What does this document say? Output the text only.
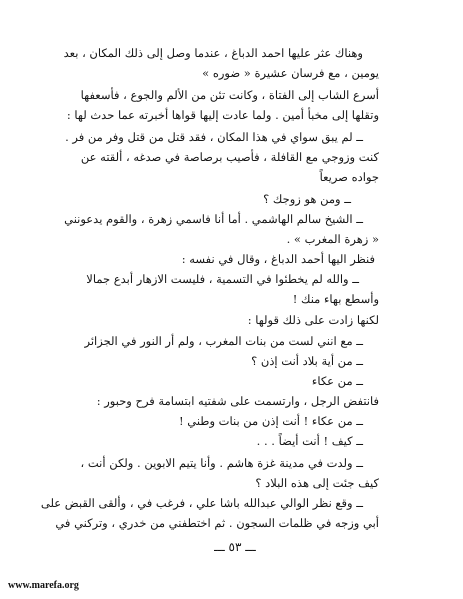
وهناك عثر عليها احمد الدباغ ، عندما وصل إلى ذلك المكان ، بعد
يومين ، مع فرسان عشيرة « ضوره »
أسرع الشاب إلى الفتاة ، وكانت تئن من الألم والجوع ، فأسعفها
وتقلها إلى مخبأ أمين . ولما عادت إليها قواها أخبرته عما حدث لها :
ــ لم يبق سواي في هذا المكان ، فقد قتل من قتل وفر من فر .
كنت وزوجي مع القافلة ، فأصيب برصاصة في صدغه ، ألقته عن
جواده صريعاً
ــ ومن هو زوجك ؟
ــ الشيخ سالم الهاشمي . أما أنا فاسمي زهرة ، والقوم يدعونني
« زهرة المغرب » .
فنظر اليها أحمد الدباغ ، وقال في نفسه :
ــ والله لم يخطئوا في التسمية ، فليست الازهار أبدع جمالا
وأسطع بهاء منك !
لكنها زادت على ذلك قولها :
ــ مع انني لست من بنات المغرب ، ولم أر النور في الجزائر
ــ من أية بلاد أنت إذن ؟
ــ من عكاء
فانتفض الرجل ، وارتسمت على شفتيه ابتسامة فرح وحبور :
ــ من عكاء ! أنت إذن من بنات وطني !
ــ كيف ! أنت أيضاً . . .
ــ ولدت في مدينة غزة هاشم . وأنا يتيم الابوين . ولكن أنت ،
كيف جئت إلى هذه البلاد ؟
ــ وقع نظر الوالي عبدالله باشا علي ، فرغب في ، وألقى القبض على
أبي وزجه في ظلمات السجون . ثم اختطفني من خدري ، وتركني في
ـــ ٥٣ ـــ
www.marefa.org
